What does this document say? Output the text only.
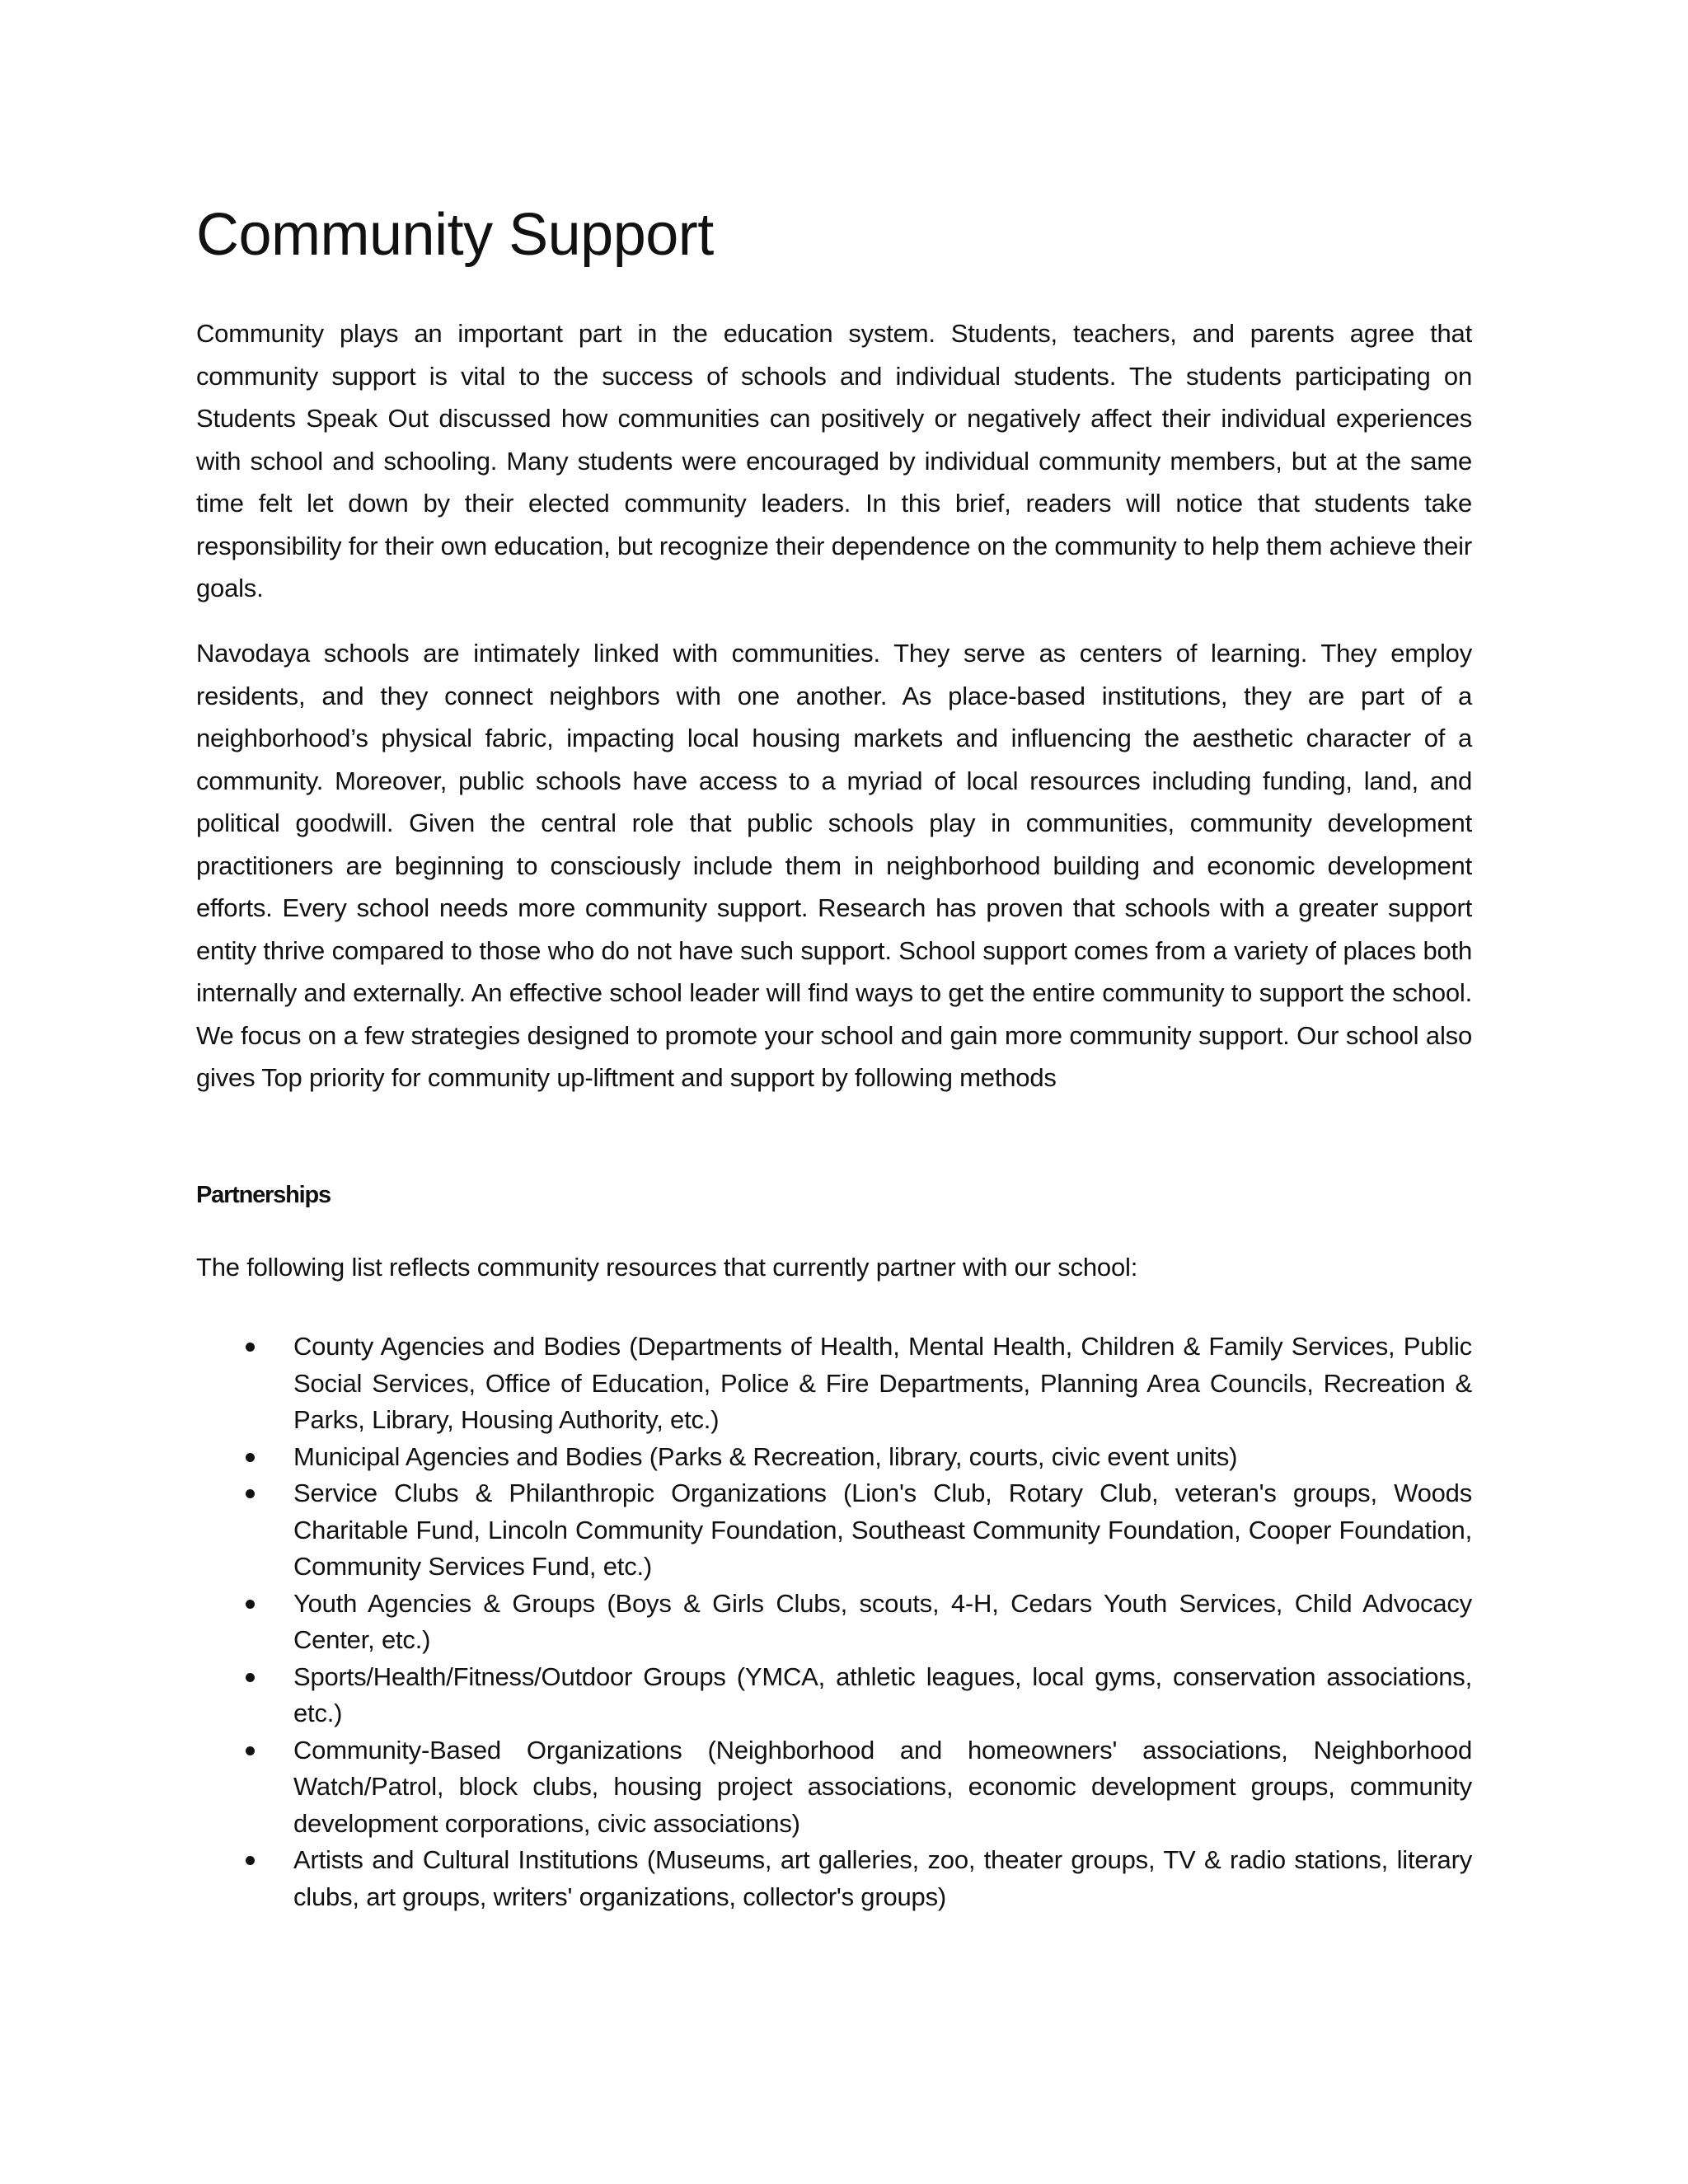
Community Support

Community plays an important part in the education system. Students, teachers, and parents agree that community support is vital to the success of schools and individual students. The students participating on Students Speak Out discussed how communities can positively or negatively affect their individual experiences with school and schooling. Many students were encouraged by individual community members, but at the same time felt let down by their elected community leaders. In this brief, readers will notice that students take responsibility for their own education, but recognize their dependence on the community to help them achieve their goals.

Navodaya schools are intimately linked with communities. They serve as centers of learning. They employ residents, and they connect neighbors with one another. As place-based institutions, they are part of a neighborhood’s physical fabric, impacting local housing markets and influencing the aesthetic character of a community. Moreover, public schools have access to a myriad of local resources including funding, land, and political goodwill. Given the central role that public schools play in communities, community development practitioners are beginning to consciously include them in neighborhood building and economic development efforts. Every school needs more community support. Research has proven that schools with a greater support entity thrive compared to those who do not have such support. School support comes from a variety of places both internally and externally. An effective school leader will find ways to get the entire community to support the school. We focus on a few strategies designed to promote your school and gain more community support. Our school also gives Top priority for community up-liftment and support by following methods

Partnerships

The following list reflects community resources that currently partner with our school:

County Agencies and Bodies (Departments of Health, Mental Health, Children & Family Services, Public Social Services, Office of Education, Police & Fire Departments, Planning Area Councils, Recreation & Parks, Library, Housing Authority, etc.)
Municipal Agencies and Bodies (Parks & Recreation, library, courts, civic event units)
Service Clubs & Philanthropic Organizations (Lion's Club, Rotary Club, veteran's groups, Woods Charitable Fund, Lincoln Community Foundation, Southeast Community Foundation, Cooper Foundation, Community Services Fund, etc.)
Youth Agencies & Groups (Boys & Girls Clubs, scouts, 4-H, Cedars Youth Services, Child Advocacy Center, etc.)
Sports/Health/Fitness/Outdoor Groups (YMCA, athletic leagues, local gyms, conservation associations, etc.)
Community-Based Organizations (Neighborhood and homeowners' associations, Neighborhood Watch/Patrol, block clubs, housing project associations, economic development groups, community development corporations, civic associations)
Artists and Cultural Institutions (Museums, art galleries, zoo, theater groups, TV & radio stations, literary clubs, art groups, writers' organizations, collector's groups)
